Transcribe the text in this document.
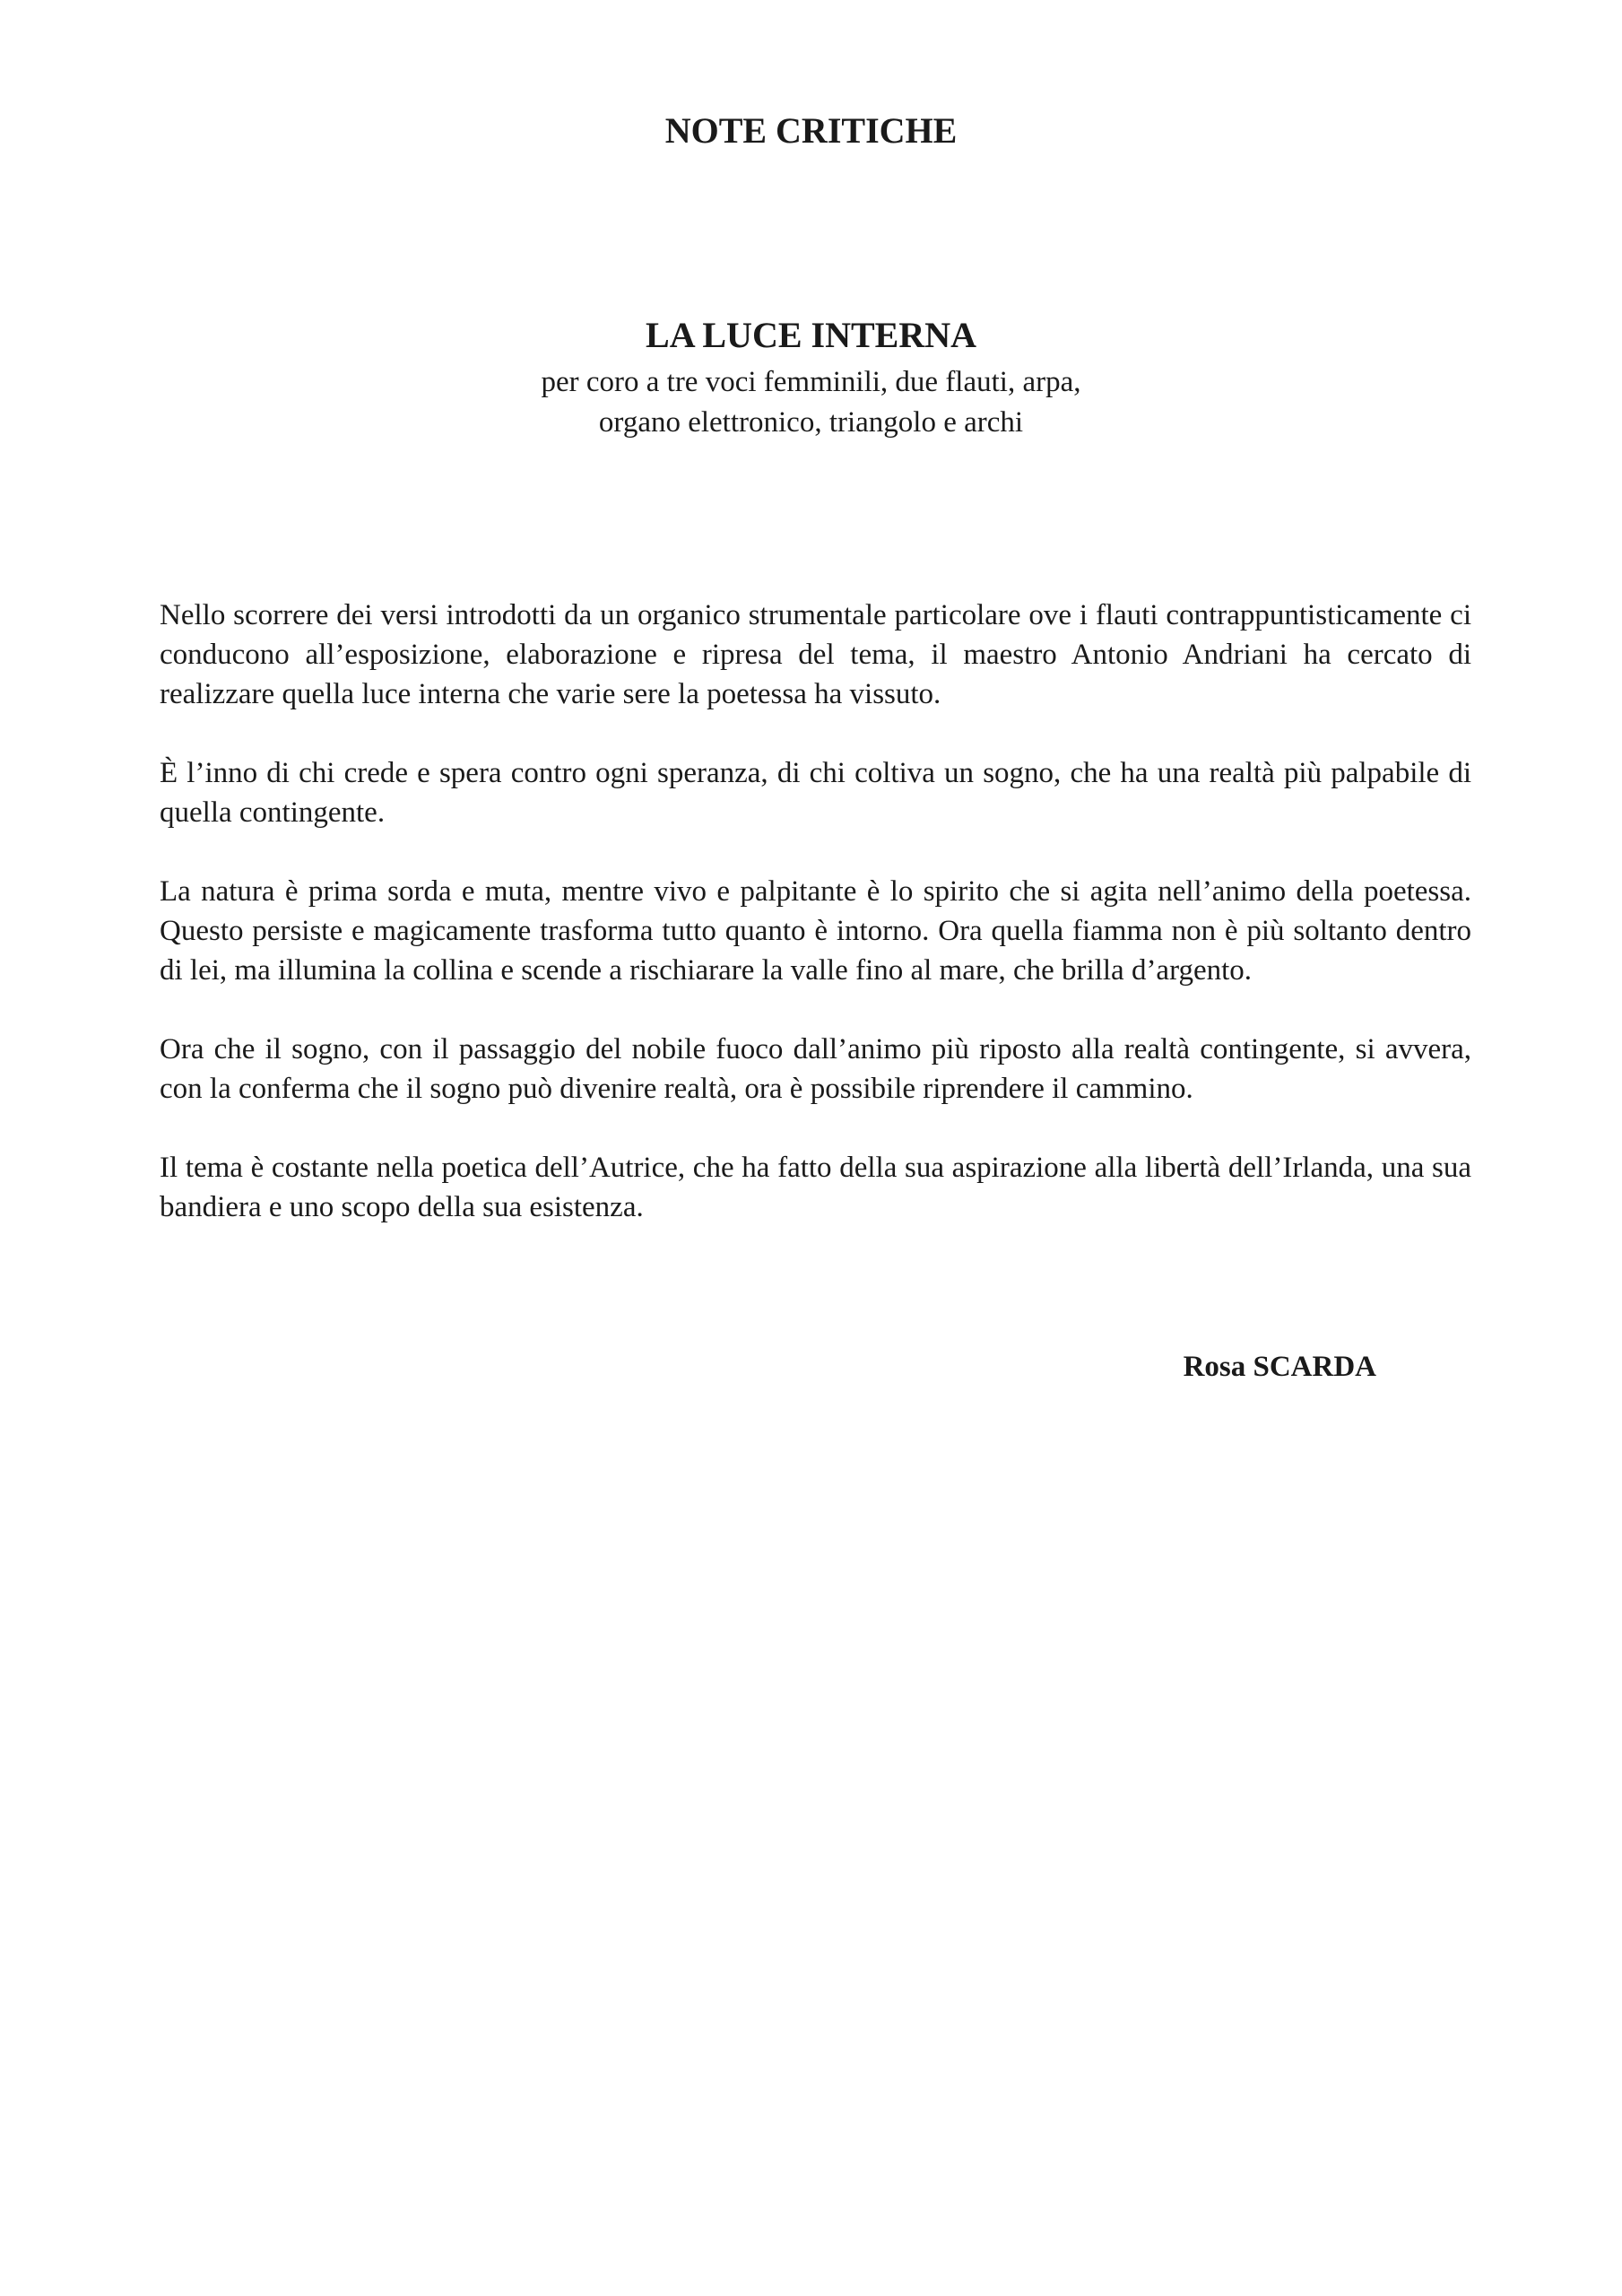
NOTE CRITICHE
LA LUCE INTERNA
per coro a tre voci femminili, due flauti, arpa,
organo elettronico, triangolo e archi

Nello scorrere dei versi introdotti da un organico strumentale particolare ove i flauti contrappuntisticamente ci conducono all’esposizione, elaborazione e ripresa del tema, il maestro Antonio Andriani ha cercato di realizzare quella luce interna che varie sere la poetessa ha vissuto.

È l’inno di chi crede e spera contro ogni speranza, di chi coltiva un sogno, che ha una realtà più palpabile di quella contingente.

La natura è prima sorda e muta, mentre vivo e palpitante è lo spirito che si agita nell’animo della poetessa. Questo persiste e magicamente trasforma tutto quanto è intorno. Ora quella fiamma non è più soltanto dentro di lei, ma illumina la collina e scende a rischiarare la valle fino al mare, che brilla d’argento.

Ora che il sogno, con il passaggio del nobile fuoco dall’animo più riposto alla realtà contingente, si avvera, con la conferma che il sogno può divenire realtà, ora è possibile riprendere il cammino.

Il tema è costante nella poetica dell’Autrice, che ha fatto della sua aspirazione alla libertà dell’Irlanda, una sua bandiera e uno scopo della sua esistenza.

Rosa SCARDA
